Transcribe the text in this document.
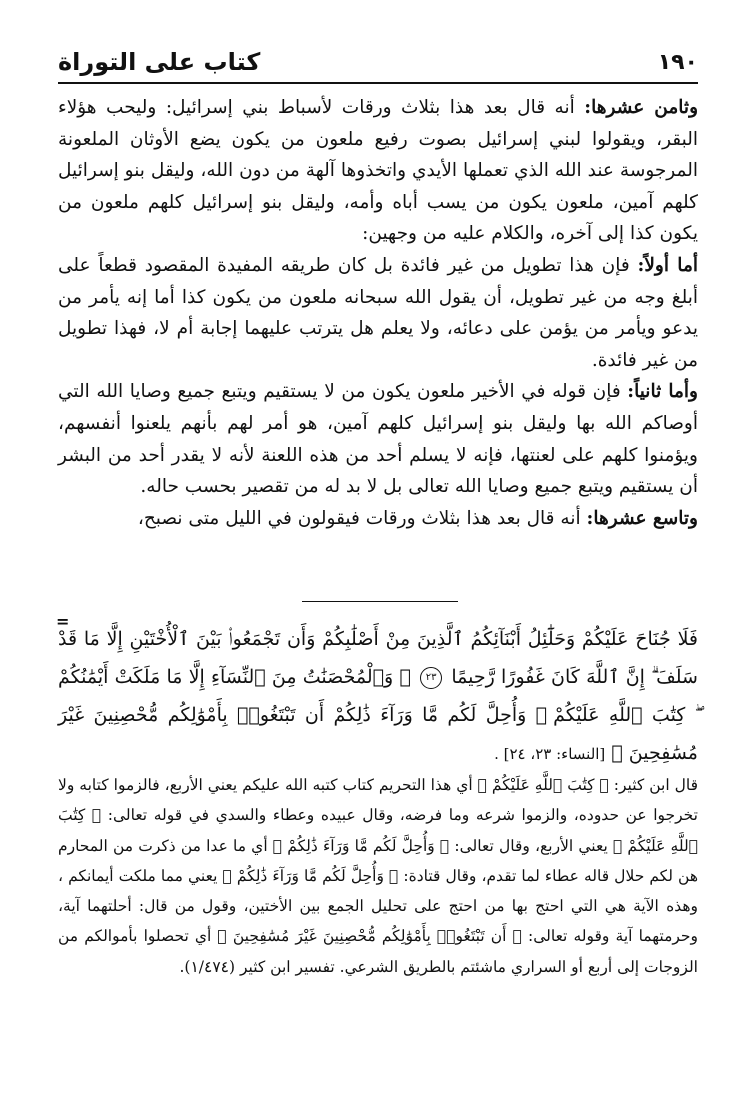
١٩٠
كتاب على التوراة

وثامن عشرها: أنه قال بعد هذا بثلاث ورقات لأسباط بني إسرائيل: وليحب هؤلاء البقر، ويقولوا لبني إسرائيل بصوت رفيع ملعون من يكون يضع الأوثان الملعونة المرجوسة عند الله الذي تعملها الأيدي واتخذوها آلهة من دون الله، وليقل بنو إسرائيل كلهم آمين، ملعون يكون من يسب أباه وأمه، وليقل بنو إسرائيل كلهم ملعون من يكون كذا إلى آخره، والكلام عليه من وجهين:

أما أولاً: فإن هذا تطويل من غير فائدة بل كان طريقه المفيدة المقصود قطعاً على أبلغ وجه من غير تطويل، أن يقول الله سبحانه ملعون من يكون كذا أما إنه يأمر من يدعو ويأمر من يؤمن على دعائه، ولا يعلم هل يترتب عليهما إجابة أم لا، فهذا تطويل من غير فائدة.

وأما ثانياً: فإن قوله في الأخير ملعون يكون من لا يستقيم ويتبع جميع وصايا الله التي أوصاكم الله بها وليقل بنو إسرائيل كلهم آمين، هو أمر لهم بأنهم يلعنوا أنفسهم، ويؤمنوا كلهم على لعنتها، فإنه لا يسلم أحد من هذه اللعنة لأنه لا يقدر أحد من البشر أن يستقيم ويتبع جميع وصايا الله تعالى بل لا بد له من تقصير بحسب حاله.

وتاسع عشرها: أنه قال بعد هذا بثلاث ورقات فيقولون في الليل متى نصبح،

=
فَلَا جُنَاحَ عَلَيْكُمْ وَحَلَٰٓئِلُ أَبْنَآئِكُمُ ٱلَّذِينَ مِنْ أَصْلَٰبِكُمْ وَأَن تَجْمَعُوا۟ بَيْنَ ٱلْأُخْتَيْنِ إِلَّا مَا قَدْ سَلَفَ ۗ إِنَّ ٱللَّهَ كَانَ غَفُورًا رَّحِيمًا ٢٣ ۞ وَٱلْمُحْصَنَٰتُ مِنَ ٱلنِّسَآءِ إِلَّا مَا مَلَكَتْ أَيْمَٰنُكُمْ ۖ كِتَٰبَ ٱللَّهِ عَلَيْكُمْ ۚ وَأُحِلَّ لَكُم مَّا وَرَآءَ ذَٰلِكُمْ أَن تَبْتَغُوا۟ بِأَمْوَٰلِكُم مُّحْصِنِينَ غَيْرَ مُسَٰفِحِينَ ﴾ [النساء: ٢٣، ٢٤] .

قال ابن كثير: ﴿ كِتَٰبَ ٱللَّهِ عَلَيْكُمْ ﴾ أي هذا التحريم كتاب كتبه الله عليكم يعني الأربع، فالزموا كتابه ولا تخرجوا عن حدوده، والزموا شرعه وما فرضه، وقال عبيده وعطاء والسدي في قوله تعالى: ﴿ كِتَٰبَ ٱللَّهِ عَلَيْكُمْ ﴾ يعني الأربع، وقال تعالى: ﴿ وَأُحِلَّ لَكُم مَّا وَرَآءَ ذَٰلِكُمْ ﴾ أي ما عدا من ذكرت من المحارم هن لكم حلال قاله عطاء لما تقدم، وقال قتادة: ﴿ وَأُحِلَّ لَكُم مَّا وَرَآءَ ذَٰلِكُمْ ﴾ يعني مما ملكت أيمانكم ، وهذه الآية هي التي احتج بها من احتج على تحليل الجمع بين الأختين، وقول من قال: أحلتهما آية، وحرمتهما آية وقوله تعالى: ﴿ أَن تَبْتَغُوا۟ بِأَمْوَٰلِكُم مُّحْصِنِينَ غَيْرَ مُسَٰفِحِينَ ﴾ أي تحصلوا بأموالكم من الزوجات إلى أربع أو السراري ماشئتم بالطريق الشرعي. تفسير ابن كثير (١/٤٧٤).
